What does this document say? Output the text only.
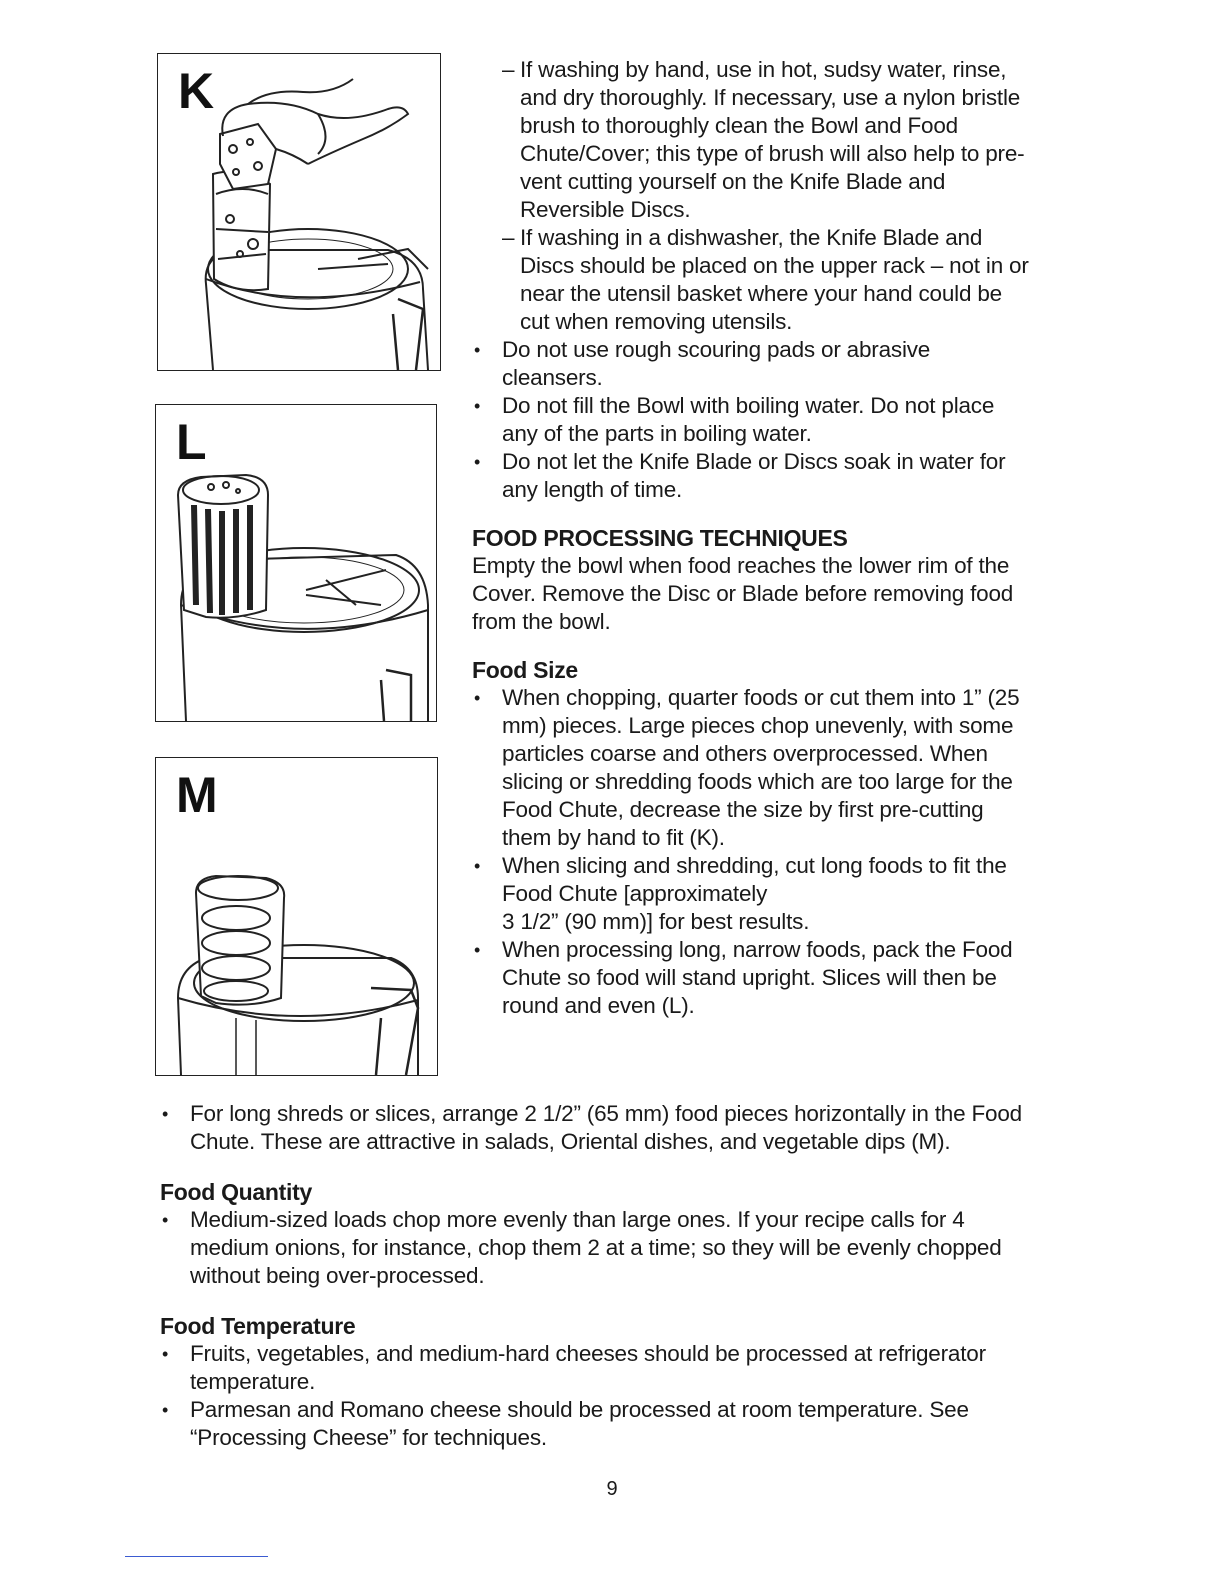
K
L
M

– If washing by hand, use in hot, sudsy water, rinse,
and dry thoroughly. If necessary, use a nylon bristle
brush to thoroughly clean the Bowl and Food
Chute/Cover; this type of brush will also help to pre-
vent cutting yourself on the Knife Blade and
Reversible Discs.

– If washing in a dishwasher, the Knife Blade and
Discs should be placed on the upper rack – not in or
near the utensil basket where your hand could be
cut when removing utensils.

• Do not use rough scouring pads or abrasive
cleansers.

• Do not fill the Bowl with boiling water. Do not place
any of the parts in boiling water.

• Do not let the Knife Blade or Discs soak in water for
any length of time.

FOOD PROCESSING TECHNIQUES

Empty the bowl when food reaches the lower rim of the
Cover. Remove the Disc or Blade before removing food
from the bowl.

Food Size

• When chopping, quarter foods or cut them into 1” (25
mm) pieces. Large pieces chop unevenly, with some
particles coarse and others overprocessed. When
slicing or shredding foods which are too large for the
Food Chute, decrease the size by first pre-cutting
them by hand to fit (K).

• When slicing and shredding, cut long foods to fit the
Food Chute [approximately
3 1/2” (90 mm)] for best results.

• When processing long, narrow foods, pack the Food
Chute so food will stand upright. Slices will then be
round and even (L).

• For long shreds or slices, arrange 2 1/2” (65 mm) food pieces horizontally in the Food
Chute. These are attractive in salads, Oriental dishes, and vegetable dips (M).

Food Quantity

• Medium-sized loads chop more evenly than large ones. If your recipe calls for 4
medium onions, for instance, chop them 2 at a time; so they will be evenly chopped
without being over-processed.

Food Temperature

• Fruits, vegetables, and medium-hard cheeses should be processed at refrigerator
temperature.

• Parmesan and Romano cheese should be processed at room temperature. See
“Processing Cheese” for techniques.

9
